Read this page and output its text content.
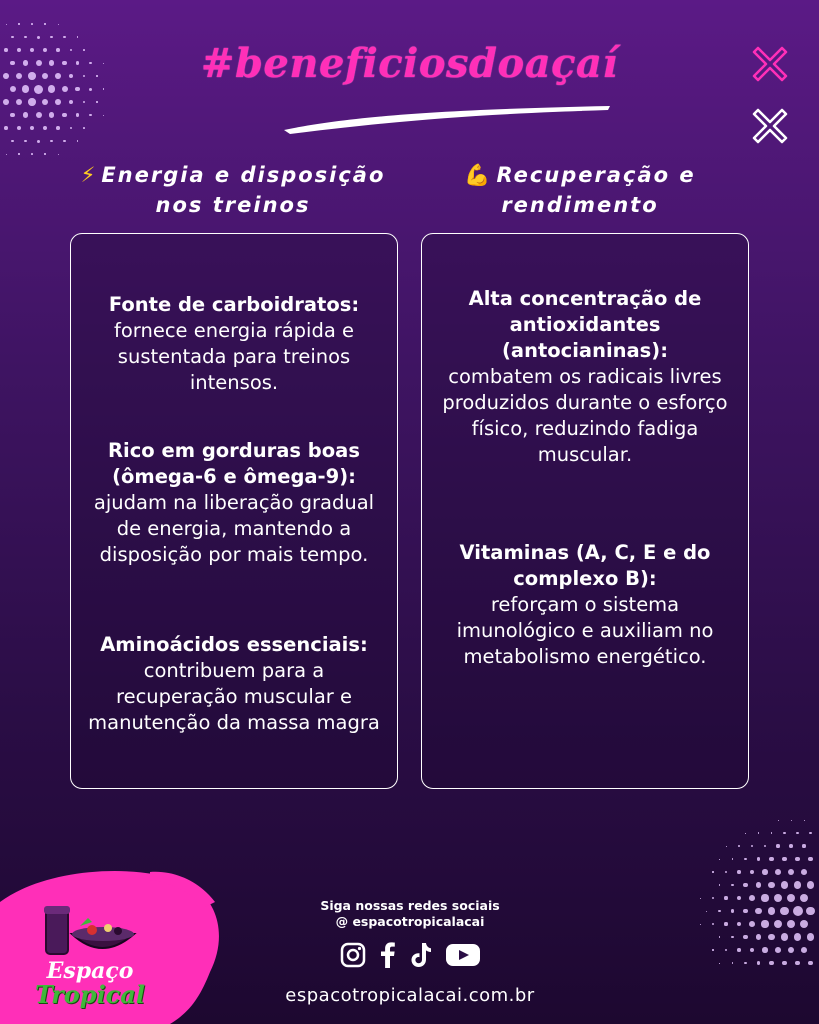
#beneficiosdoaçaí
⚡ Energia e disposição
nos treinos
💪 Recuperação e
rendimento
Fonte de carboidratos:
fornece energia rápida e sustentada para treinos intensos.
Rico em gorduras boas (ômega-6 e ômega-9):
ajudam na liberação gradual de energia, mantendo a disposição por mais tempo.
Aminoácidos essenciais:
contribuem para a recuperação muscular e manutenção da massa magra
Alta concentração de antioxidantes (antocianinas):
combatem os radicais livres produzidos durante o esforço físico, reduzindo fadiga muscular.
Vitaminas (A, C, E e do complexo B):
reforçam o sistema imunológico e auxiliam no metabolismo energético.
Espaço
Tropical
Siga nossas redes sociais
@ espacotropicalacai
espacotropicalacai.com.br
